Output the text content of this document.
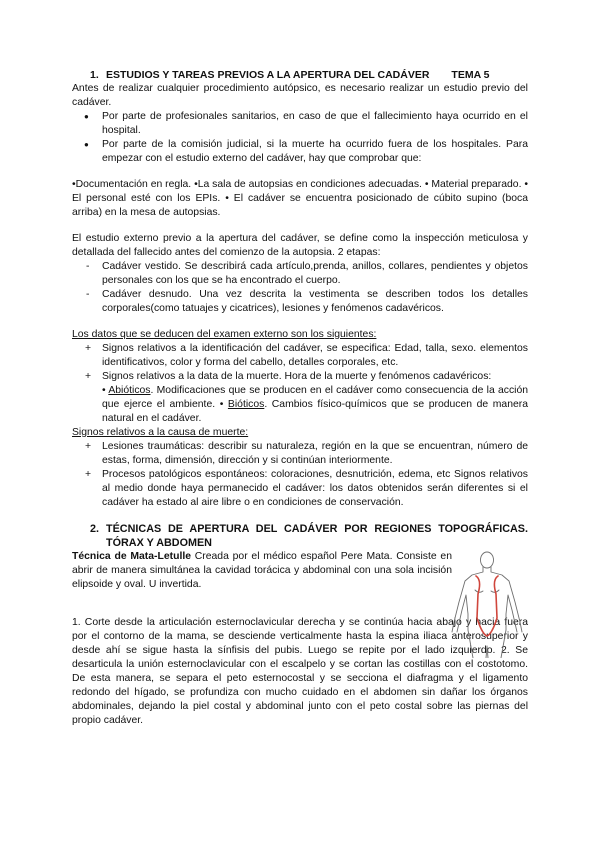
1. ESTUDIOS Y TAREAS PREVIOS A LA APERTURA DEL CADÁVER TEMA 5

Antes de realizar cualquier procedimiento autópsico, es necesario realizar un estudio previo del cadáver.

● Por parte de profesionales sanitarios, en caso de que el fallecimiento haya ocurrido en el hospital.
● Por parte de la comisión judicial, si la muerte ha ocurrido fuera de los hospitales. Para empezar con el estudio externo del cadáver, hay que comprobar que:

•Documentación en regla. •La sala de autopsias en condiciones adecuadas. • Material preparado. • El personal esté con los EPIs. • El cadáver se encuentra posicionado de cúbito supino (boca arriba) en la mesa de autopsias.

El estudio externo previo a la apertura del cadáver, se define como la inspección meticulosa y detallada del fallecido antes del comienzo de la autopsia. 2 etapas:

- Cadáver vestido. Se describirá cada artículo,prenda, anillos, collares, pendientes y objetos personales con los que se ha encontrado el cuerpo.
- Cadáver desnudo. Una vez descrita la vestimenta se describen todos los detalles corporales(como tatuajes y cicatrices), lesiones y fenómenos cadavéricos.

Los datos que se deducen del examen externo son los siguientes:

+ Signos relativos a la identificación del cadáver, se especifica: Edad, talla, sexo. elementos identificativos, color y forma del cabello, detalles corporales, etc.
+ Signos relativos a la data de la muerte. Hora de la muerte y fenómenos cadavéricos:
• Abióticos. Modificaciones que se producen en el cadáver como consecuencia de la acción que ejerce el ambiente. • Bióticos. Cambios físico-químicos que se producen de manera natural en el cadáver.

Signos relativos a la causa de muerte:

+ Lesiones traumáticas: describir su naturaleza, región en la que se encuentran, número de estas, forma, dimensión, dirección y si continúan interiormente.
+ Procesos patológicos espontáneos: coloraciones, desnutrición, edema, etc Signos relativos al medio donde haya permanecido el cadáver: los datos obtenidos serán diferentes si el cadáver ha estado al aire libre o en condiciones de conservación.
2. TÉCNICAS DE APERTURA DEL CADÁVER POR REGIONES TOPOGRÁFICAS. TÓRAX Y ABDOMEN

Técnica de Mata-Letulle Creada por el médico español Pere Mata. Consiste en abrir de manera simultánea la cavidad torácica y abdominal con una sola incisión elipsoide y oval. U invertida.

1. Corte desde la articulación esternoclavicular derecha y se continúa hacia abajo y hacia fuera por el contorno de la mama, se desciende verticalmente hasta la espina iliaca anterosuperior y desde ahí se sigue hasta la sínfisis del pubis. Luego se repite por el lado izquierdo. 2. Se desarticula la unión esternoclavicular con el escalpelo y se cortan las costillas con el costotomo. De esta manera, se separa el peto esternocostal y se secciona el diafragma y el ligamento redondo del hígado, se profundiza con mucho cuidado en el abdomen sin dañar los órganos abdominales, dejando la piel costal y abdominal junto con el peto costal sobre las piernas del propio cadáver.
